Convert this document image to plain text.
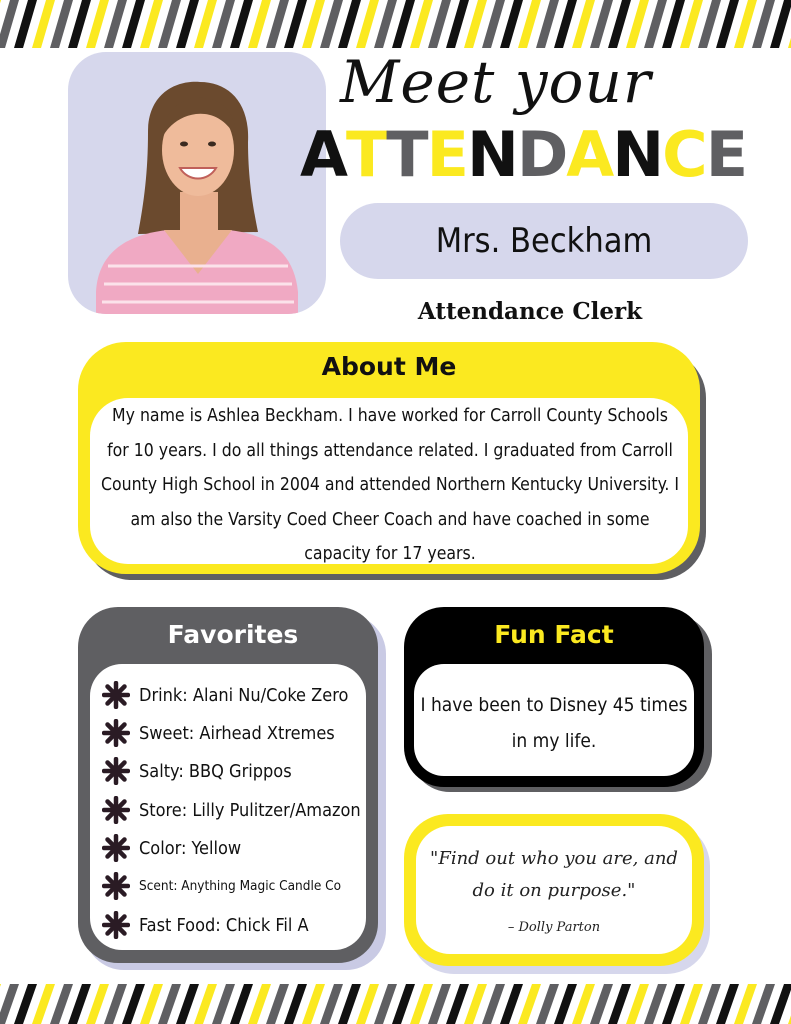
Meet your
ATTENDANCE
Mrs. Beckham
Attendance Clerk
About Me
My name is Ashlea Beckham. I have worked for Carroll County Schools for 10 years. I do all things attendance related. I graduated from Carroll County High School in 2004 and attended Northern Kentucky University. I am also the Varsity Coed Cheer Coach and have coached in some capacity for 17 years.
Favorites
Drink: Alani Nu/Coke Zero
Sweet: Airhead Xtremes
Salty: BBQ Grippos
Store: Lilly Pulitzer/Amazon
Color: Yellow
Scent: Anything Magic Candle Co
Fast Food: Chick Fil A
Fun Fact
I have been to Disney 45 times in my life.
"Find out who you are, and do it on purpose."
– Dolly Parton
